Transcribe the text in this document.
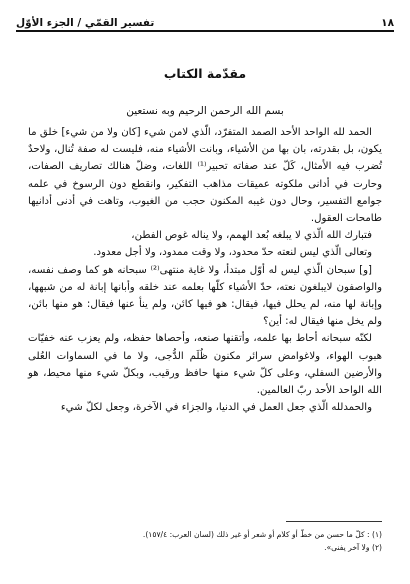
١٨
تفسير القمّي / الجزء الأوّل
مقدّمة الكتاب
بسم الله الرحمن الرحيم وبه نستعين

الحمد لله الواحد الأحد الصمد المتفرّد، الّذي لامن شيء [كان ولا من شيء] خلق ما يكون، بل بقدرته، بان بها من الأشياء، وبانت الأشياء منه، فليست له صفة تُنال، ولاحدٌ تُضرب فيه الأمثال، كَلّ عند صفاته تحبير⁽¹⁾ اللغات، وضلّ هنالك تصاريف الصفات، وحارت في أدانى ملكوته عميقات مذاهب التفكير، وانقطع دون الرسوخ في علمه جوامع التفسير، وحال دون غيبه المكنون حجب من الغيوب، وتاهت في أدنى أدانيها طامحات العقول.

فتبارك الله الّذي لا يبلغه بُعد الهمم، ولا يناله غوص الفطن،

وتعالى الّذي ليس لنعته حدّ محدود، ولا وقت ممدود، ولا أجل معدود.

[و] سبحان الّذي ليس له أوّل مبتدأ، ولا غاية منتهى⁽²⁾ سبحانه هو كما وصف نفسه، والواصفون لايبلغون نعته، حدّ الأشياء كلّها بعلمه عند خلقه وأبانها إبانة له من شبهها، وإبانة لها منه، لم يحلل فيها، فيقال: هو فيها كائن، ولم ينأ عنها فيقال: هو منها بائن، ولم يخل منها فيقال له: أين؟

لكنّه سبحانه أحاط بها علمه، وأتقنها صنعه، وأحصاها حفظه، ولم يعزب عنه خفيّات هبوب الهواء، ولاغوامض سرائر مكنون ظُلَم الدُّجى، ولا ما في السماوات العُلى والأرضين السفلي، وعلى كلّ شيء منها حافظ ورقيب، وبكلّ شيء منها محيط، هو الله الواحد الأحد ربّ العالمين.

والحمدلله الّذي جعل العمل في الدنيا، والجزاء في الآخرة، وجعل لكلّ شيء

(١) : كلّ ما حسن من خطّ أو كلام أو شعر أو غير ذلك (لسان العرب: ١٥٧/٤).
(٢) ولا آخر يفنى».
